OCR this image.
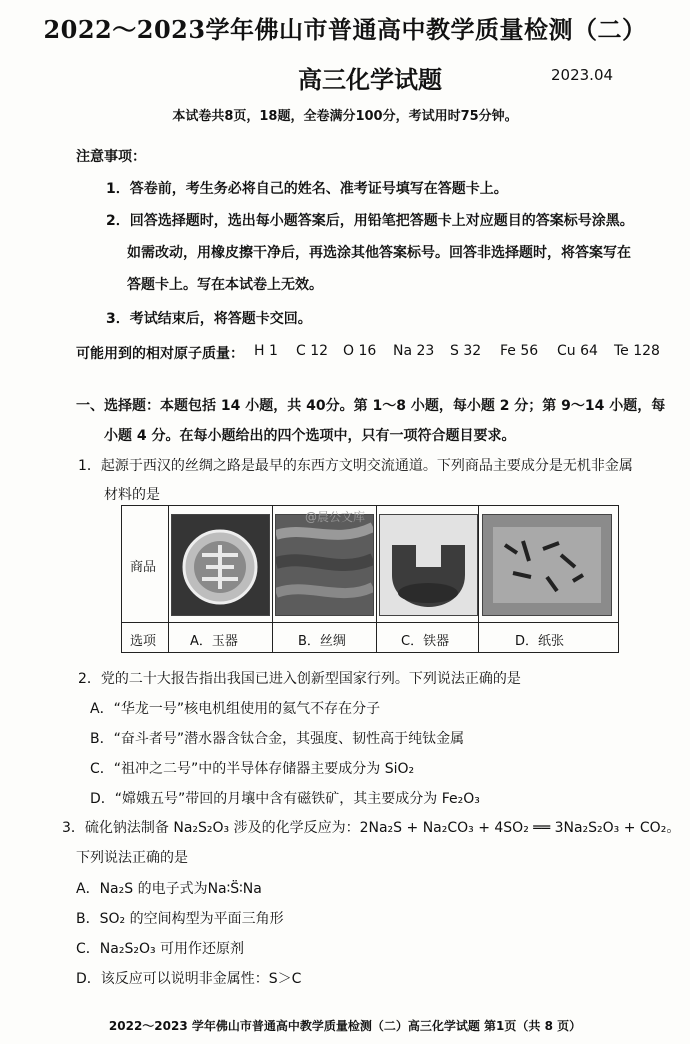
2022～2023学年佛山市普通高中教学质量检测（二）
高三化学试题	2023.04
本试卷共8页，18题，全卷满分100分，考试用时75分钟。
注意事项：
1．答卷前，考生务必将自己的姓名、准考证号填写在答题卡上。
2．回答选择题时，选出每小题答案后，用铅笔把答题卡上对应题目的答案标号涂黑。
如需改动，用橡皮擦干净后，再选涂其他答案标号。回答非选择题时，将答案写在
答题卡上。写在本试卷上无效。
3．考试结束后，将答题卡交回。
可能用到的相对原子质量： H 1 C 12 O 16 Na 23 S 32 Fe 56 Cu 64 Te 128
一、选择题：本题包括 14 小题，共 40分。第 1～8 小题，每小题 2 分；第 9～14 小题，每
小题 4 分。在每小题给出的四个选项中，只有一项符合题目要求。
1．起源于西汉的丝绸之路是最早的东西方文明交流通道。下列商品主要成分是无机非金属
材料的是
商品
选项	A．玉器	B．丝绸	C．铁器	D．纸张
@晨公文库
2．党的二十大报告指出我国已进入创新型国家行列。下列说法正确的是
A．“华龙一号”核电机组使用的氦气不存在分子
B．“奋斗者号”潜水器含钛合金，其强度、韧性高于纯钛金属
C．“祖冲之二号”中的半导体存储器主要成分为 SiO₂
D．“嫦娥五号”带回的月壤中含有磁铁矿，其主要成分为 Fe₂O₃
3．硫化钠法制备 Na₂S₂O₃ 涉及的化学反应为：2Na₂S + Na₂CO₃ + 4SO₂ ══ 3Na₂S₂O₃ + CO₂。
下列说法正确的是
A．Na₂S 的电子式为Na∶S̈∶Na
B．SO₂ 的空间构型为平面三角形
C．Na₂S₂O₃ 可用作还原剂
D．该反应可以说明非金属性：S＞C
2022～2023 学年佛山市普通高中教学质量检测（二）高三化学试题 第1页（共 8 页）
